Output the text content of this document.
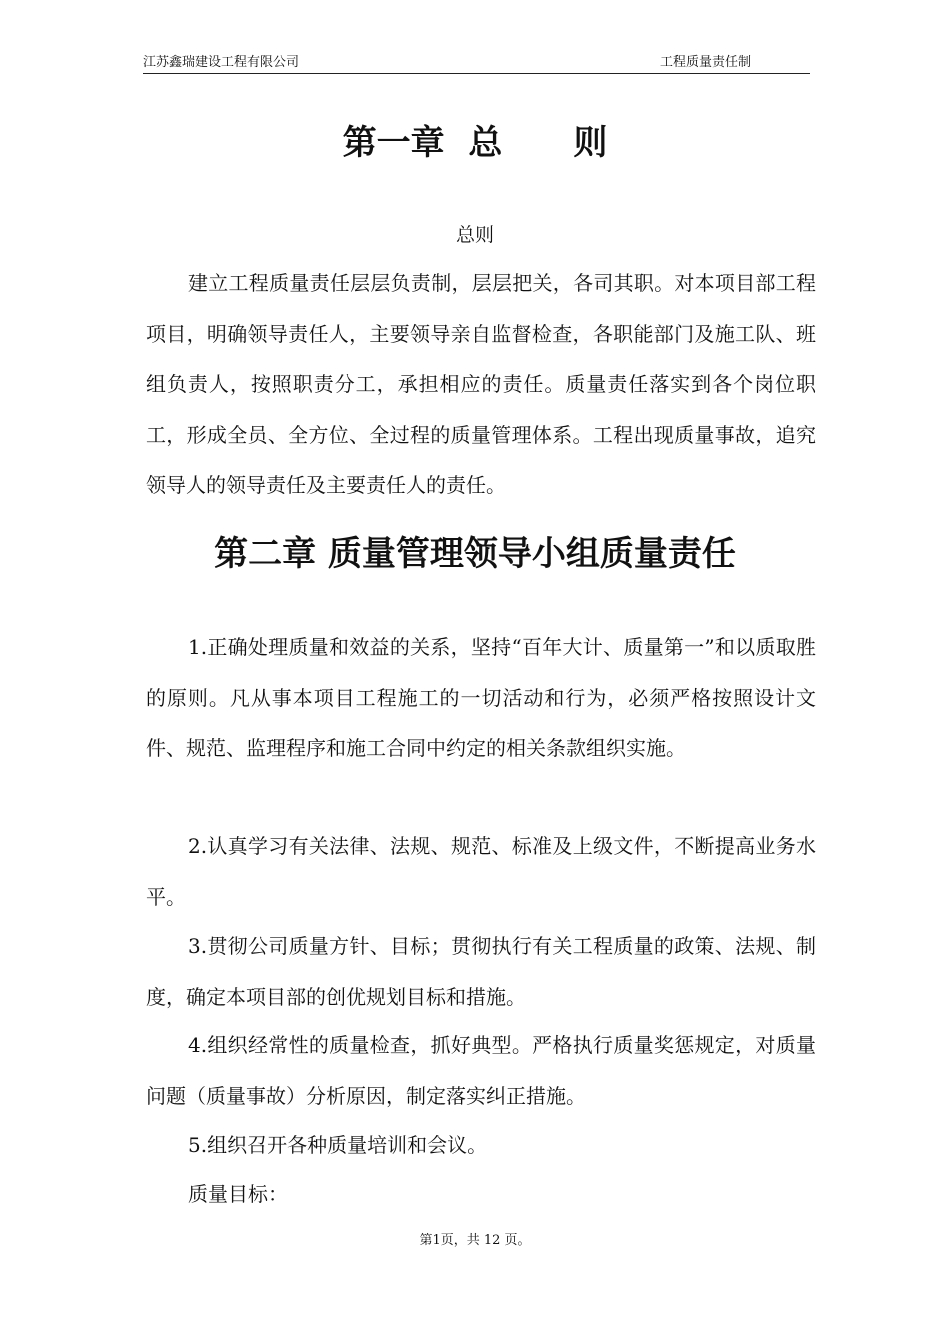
江苏鑫瑞建设工程有限公司	工程质量责任制
第一章  总      则
总则

建立工程质量责任层层负责制，层层把关，各司其职。对本项目部工程项目，明确领导责任人，主要领导亲自监督检查，各职能部门及施工队、班组负责人，按照职责分工，承担相应的责任。质量责任落实到各个岗位职工，形成全员、全方位、全过程的质量管理体系。工程出现质量事故，追究领导人的领导责任及主要责任人的责任。

第二章 质量管理领导小组质量责任

1.正确处理质量和效益的关系，坚持“百年大计、质量第一”和以质取胜的原则。凡从事本项目工程施工的一切活动和行为，必须严格按照设计文件、规范、监理程序和施工合同中约定的相关条款组织实施。

2.认真学习有关法律、法规、规范、标准及上级文件，不断提高业务水平。

3.贯彻公司质量方针、目标；贯彻执行有关工程质量的政策、法规、制度，确定本项目部的创优规划目标和措施。

4.组织经常性的质量检查，抓好典型。严格执行质量奖惩规定，对质量问题（质量事故）分析原因，制定落实纠正措施。

5.组织召开各种质量培训和会议。

质量目标：

第1页，共 12 页。
